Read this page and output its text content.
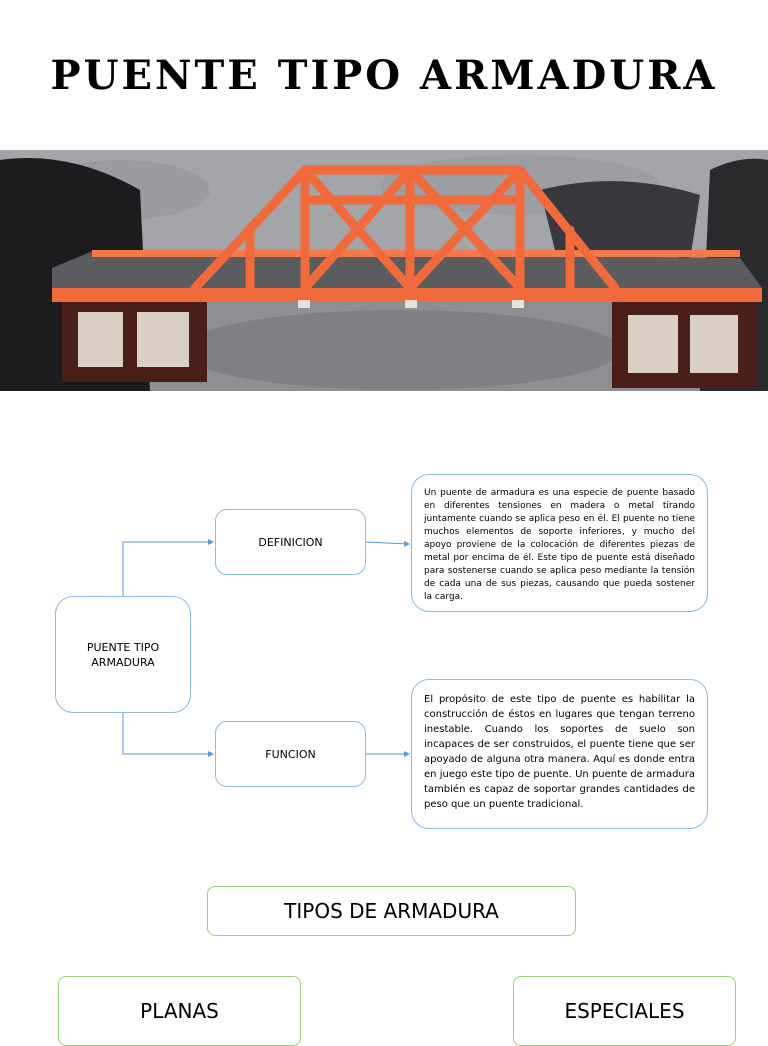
PUENTE TIPO ARMADURA
PUENTE TIPO ARMADURA
DEFINICION
FUNCION
Un puente de armadura es una especie de puente basado en diferentes tensiones en madera o metal tirando juntamente cuando se aplica peso en él. El puente no tiene muchos elementos de soporte inferiores, y mucho del apoyo proviene de la colocación de diferentes piezas de metal por encima de él. Este tipo de puente está diseñado para sostenerse cuando se aplica peso mediante la tensión de cada una de sus piezas, causando que pueda sostener la carga.
El propósito de este tipo de puente es habilitar la construcción de éstos en lugares que tengan terreno inestable. Cuando los soportes de suelo son incapaces de ser construidos, el puente tiene que ser apoyado de alguna otra manera. Aquí es donde entra en juego este tipo de puente. Un puente de armadura también es capaz de soportar grandes cantidades de peso que un puente tradicional.
TIPOS DE ARMADURA
PLANAS	ESPECIALES
